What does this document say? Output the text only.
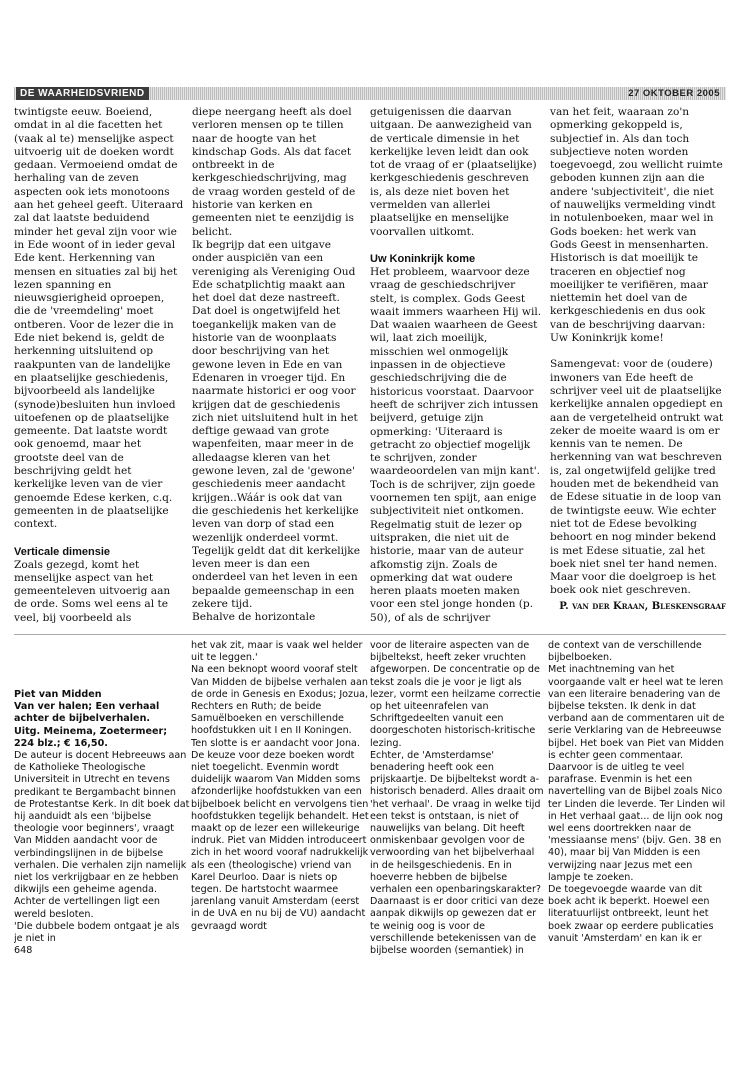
DE WAARHEIDSVRIEND	27 OKTOBER 2005

twintigste eeuw. Boeiend, omdat in al die facetten het (vaak al te) menselijke aspect uitvoerig uit de doeken wordt gedaan. Vermoeiend omdat de herhaling van de zeven aspecten ook iets monotoons aan het geheel geeft. Uiteraard zal dat laatste beduidend minder het geval zijn voor wie in Ede woont of in ieder geval Ede kent. Herkenning van mensen en situaties zal bij het lezen spanning en nieuwsgierigheid oproepen, die de 'vreemdeling' moet ontberen. Voor de lezer die in Ede niet bekend is, geldt de herkenning uitsluitend op raakpunten van de landelijke en plaatselijke geschiedenis, bijvoorbeeld als landelijke (synode)besluiten hun invloed uitoefenen op de plaatselijke gemeente. Dat laatste wordt ook genoemd, maar het grootste deel van de beschrijving geldt het kerkelijke leven van de vier genoemde Edese kerken, c.q. gemeenten in de plaatselijke context.

Verticale dimensie

Zoals gezegd, komt het menselijke aspect van het gemeenteleven uitvoerig aan de orde. Soms wel eens al te veel, bij voorbeeld als

diepe neergang heeft als doel verloren mensen op te tillen naar de hoogte van het kindschap Gods. Als dat facet ontbreekt in de kerkgeschiedschrijving, mag de vraag worden gesteld of de historie van kerken en gemeenten niet te eenzijdig is belicht.

Ik begrijp dat een uitgave onder auspiciën van een vereniging als Vereniging Oud Ede schatplichtig maakt aan het doel dat deze nastreeft. Dat doel is ongetwijfeld het toegankelijk maken van de historie van de woonplaats door beschrijving van het gewone leven in Ede en van Edenaren in vroeger tijd. En naarmate historici er oog voor krijgen dat de geschiedenis zich niet uitsluitend hult in het deftige gewaad van grote wapenfeiten, maar meer in de alledaagse kleren van het gewone leven, zal de 'gewone' geschiedenis meer aandacht krijgen..Wáár is ook dat van die geschiedenis het kerkelijke leven van dorp of stad een wezenlijk onderdeel vormt. Tegelijk geldt dat dit kerkelijke leven meer is dan een onderdeel van het leven in een bepaalde gemeenschap in een zekere tijd.

Behalve de horizontale

getuigenissen die daarvan uitgaan. De aanwezigheid van de verticale dimensie in het kerkelijke leven leidt dan ook tot de vraag of er (plaatselijke) kerkgeschiedenis geschreven is, als deze niet boven het vermelden van allerlei plaatselijke en menselijke voorvallen uitkomt.

Uw Koninkrijk kome

Het probleem, waarvoor deze vraag de geschiedschrijver stelt, is complex. Gods Geest waait immers waarheen Hij wil. Dat waaien waarheen de Geest wil, laat zich moeilijk, misschien wel onmogelijk inpassen in de objectieve geschiedschrijving die de historicus voorstaat. Daarvoor heeft de schrijver zich intussen beijverd, getuige zijn opmerking: 'Uiteraard is getracht zo objectief mogelijk te schrijven, zonder waardeoordelen van mijn kant'. Toch is de schrijver, zijn goede voornemen ten spijt, aan enige subjectiviteit niet ontkomen. Regelmatig stuit de lezer op uitspraken, die niet uit de historie, maar van de auteur afkomstig zijn. Zoals de opmerking dat wat oudere heren plaats moeten maken voor een stel jonge honden (p. 50), of als de schrijver

van het feit, waaraan zo'n opmerking gekoppeld is, subjectief in. Als dan toch subjectieve noten worden toegevoegd, zou wellicht ruimte geboden kunnen zijn aan die andere 'subjectiviteit', die niet of nauwelijks vermelding vindt in notulenboeken, maar wel in Gods boeken: het werk van Gods Geest in mensenharten. Historisch is dat moeilijk te traceren en objectief nog moeilijker te verifiëren, maar niettemin het doel van de kerkgeschiedenis en dus ook van de beschrijving daarvan: Uw Koninkrijk kome!

Samengevat: voor de (oudere) inwoners van Ede heeft de schrijver veel uit de plaatselijke kerkelijke annalen opgediept en aan de vergetelheid ontrukt wat zeker de moeite waard is om er kennis van te nemen. De herkenning van wat beschreven is, zal ongetwijfeld gelijke tred houden met de bekendheid van de Edese situatie in de loop van de twintigste eeuw. Wie echter niet tot de Edese bevolking behoort en nog minder bekend is met Edese situatie, zal het boek niet snel ter hand nemen. Maar voor die doelgroep is het boek ook niet geschreven.

P. van der Kraan, Bleskensgraaf

Piet van Midden

Van ver halen; Een verhaal achter de bijbelverhalen.

Uitg. Meinema, Zoetermeer; 224 blz.; € 16,50.

De auteur is docent Hebreeuws aan de Katholieke Theologische Universiteit in Utrecht en tevens predikant te Bergambacht binnen de Protestantse Kerk. In dit boek dat hij aanduidt als een 'bijbelse theologie voor beginners', vraagt Van Midden aandacht voor de verbindingslijnen in de bijbelse verhalen. Die verhalen zijn namelijk niet los verkrijgbaar en ze hebben dikwijls een geheime agenda. Achter de vertellingen ligt een wereld besloten.

'Die dubbele bodem ontgaat je als je niet in

648

het vak zit, maar is vaak wel helder uit te leggen.'

Na een beknopt woord vooraf stelt Van Midden de bijbelse verhalen aan de orde in Genesis en Exodus; Jozua, Rechters en Ruth; de beide Samuëlboeken en verschillende hoofdstukken uit I en II Koningen. Ten slotte is er aandacht voor Jona. De keuze voor deze boeken wordt niet toegelicht. Evenmin wordt duidelijk waarom Van Midden soms afzonderlijke hoofdstukken van een bijbelboek belicht en vervolgens tien hoofdstukken tegelijk behandelt. Het maakt op de lezer een willekeurige indruk. Piet van Midden introduceert zich in het woord vooraf nadrukkelijk als een (theologische) vriend van Karel Deurloo. Daar is niets op tegen. De hartstocht waarmee jarenlang vanuit Amsterdam (eerst in de UvA en nu bij de VU) aandacht gevraagd wordt

voor de literaire aspecten van de bijbeltekst, heeft zeker vruchten afgeworpen. De concentratie op de tekst zoals die je voor je ligt als lezer, vormt een heilzame correctie op het uiteenrafelen van Schriftgedeelten vanuit een doorgeschoten historisch-kritische lezing.

Echter, de 'Amsterdamse' benadering heeft ook een prijskaartje. De bijbeltekst wordt a-historisch benaderd. Alles draait om 'het verhaal'. De vraag in welke tijd een tekst is ontstaan, is niet of nauwelijks van belang. Dit heeft onmiskenbaar gevolgen voor de verwoording van het bijbelverhaal in de heilsgeschiedenis. En in hoeverre hebben de bijbelse verhalen een openbaringskarakter? Daarnaast is er door critici van deze aanpak dikwijls op gewezen dat er te weinig oog is voor de verschillende betekenissen van de bijbelse woorden (semantiek) in

de context van de verschillende bijbelboeken.

Met inachtneming van het voorgaande valt er heel wat te leren van een literaire benadering van de bijbelse teksten. Ik denk in dat verband aan de commentaren uit de serie Verklaring van de Hebreeuwse bijbel. Het boek van Piet van Midden is echter geen commentaar. Daarvoor is de uitleg te veel parafrase. Evenmin is het een navertelling van de Bijbel zoals Nico ter Linden die leverde. Ter Linden wil in Het verhaal gaat... de lijn ook nog wel eens doortrekken naar de 'messiaanse mens' (bijv. Gen. 38 en 40), maar bij Van Midden is een verwijzing naar Jezus met een lampje te zoeken.

De toegevoegde waarde van dit boek acht ik beperkt. Hoewel een literatuurlijst ontbreekt, leunt het boek zwaar op eerdere publicaties vanuit 'Amsterdam' en kan ik er
